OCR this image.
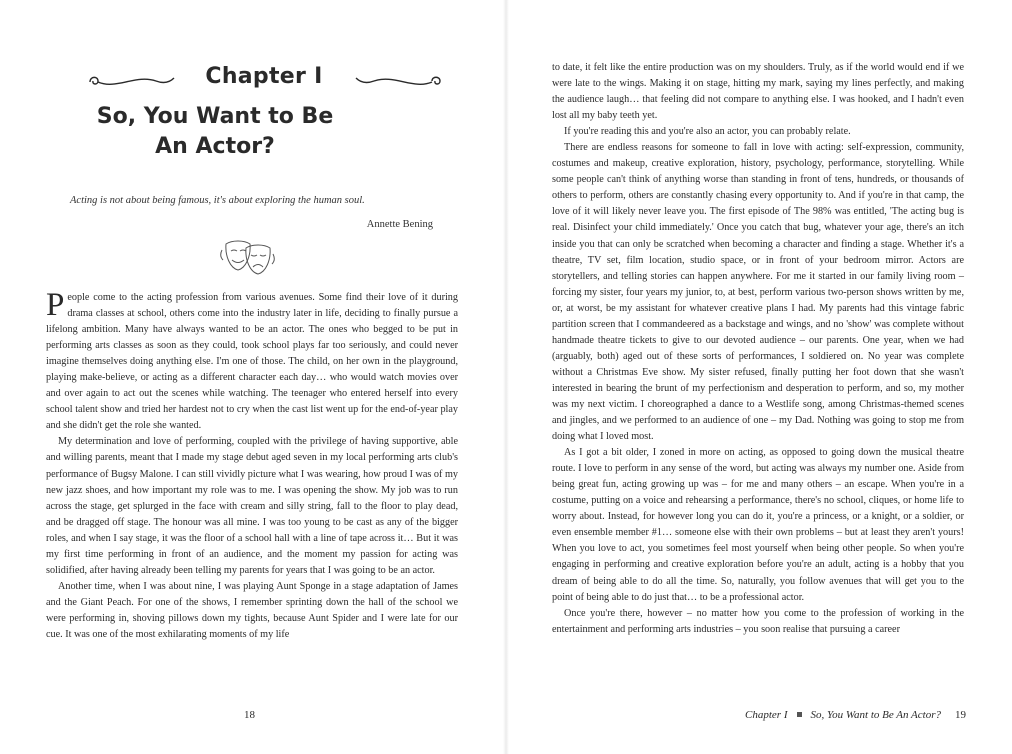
Chapter I
So, You Want to Be
An Actor?
Acting is not about being famous, it's about exploring the human soul.
Annette Bening

People come to the acting profession from various avenues. Some find their love of it during drama classes at school, others come into the industry later in life, deciding to finally pursue a lifelong ambition. Many have always wanted to be an actor. The ones who begged to be put in performing arts classes as soon as they could, took school plays far too seriously, and could never imagine themselves doing anything else. I'm one of those. The child, on her own in the playground, playing make-believe, or acting as a different character each day… who would watch movies over and over again to act out the scenes while watching. The teenager who entered herself into every school talent show and tried her hardest not to cry when the cast list went up for the end-of-year play and she didn't get the role she wanted.

My determination and love of performing, coupled with the privilege of having supportive, able and willing parents, meant that I made my stage debut aged seven in my local performing arts club's performance of Bugsy Malone. I can still vividly picture what I was wearing, how proud I was of my new jazz shoes, and how important my role was to me. I was opening the show. My job was to run across the stage, get splurged in the face with cream and silly string, fall to the floor to play dead, and be dragged off stage. The honour was all mine. I was too young to be cast as any of the bigger roles, and when I say stage, it was the floor of a school hall with a line of tape across it… But it was my first time performing in front of an audience, and the moment my passion for acting was solidified, after having already been telling my parents for years that I was going to be an actor.

Another time, when I was about nine, I was playing Aunt Sponge in a stage adaptation of James and the Giant Peach. For one of the shows, I remember sprinting down the hall of the school we were performing in, shoving pillows down my tights, because Aunt Spider and I were late for our cue. It was one of the most exhilarating moments of my life

18

to date, it felt like the entire production was on my shoulders. Truly, as if the world would end if we were late to the wings. Making it on stage, hitting my mark, saying my lines perfectly, and making the audience laugh… that feeling did not compare to anything else. I was hooked, and I hadn't even lost all my baby teeth yet.

If you're reading this and you're also an actor, you can probably relate.

There are endless reasons for someone to fall in love with acting: self-expression, community, costumes and makeup, creative exploration, history, psychology, performance, storytelling. While some people can't think of anything worse than standing in front of tens, hundreds, or thousands of others to perform, others are constantly chasing every opportunity to. And if you're in that camp, the love of it will likely never leave you. The first episode of The 98% was entitled, 'The acting bug is real. Disinfect your child immediately.' Once you catch that bug, whatever your age, there's an itch inside you that can only be scratched when becoming a character and finding a stage. Whether it's a theatre, TV set, film location, studio space, or in front of your bedroom mirror. Actors are storytellers, and telling stories can happen anywhere. For me it started in our family living room – forcing my sister, four years my junior, to, at best, perform various two-person shows written by me, or, at worst, be my assistant for whatever creative plans I had. My parents had this vintage fabric partition screen that I commandeered as a backstage and wings, and no 'show' was complete without handmade theatre tickets to give to our devoted audience – our parents. One year, when we had (arguably, both) aged out of these sorts of performances, I soldiered on. No year was complete without a Christmas Eve show. My sister refused, finally putting her foot down that she wasn't interested in bearing the brunt of my perfectionism and desperation to perform, and so, my mother was my next victim. I choreographed a dance to a Westlife song, among Christmas-themed scenes and jingles, and we performed to an audience of one – my Dad. Nothing was going to stop me from doing what I loved most.

As I got a bit older, I zoned in more on acting, as opposed to going down the musical theatre route. I love to perform in any sense of the word, but acting was always my number one. Aside from being great fun, acting growing up was – for me and many others – an escape. When you're in a costume, putting on a voice and rehearsing a performance, there's no school, cliques, or home life to worry about. Instead, for however long you can do it, you're a princess, or a knight, or a soldier, or even ensemble member #1… someone else with their own problems – but at least they aren't yours! When you love to act, you sometimes feel most yourself when being other people. So when you're engaging in performing and creative exploration before you're an adult, acting is a hobby that you dream of being able to do all the time. So, naturally, you follow avenues that will get you to the point of being able to do just that… to be a professional actor.

Once you're there, however – no matter how you come to the profession of working in the entertainment and performing arts industries – you soon realise that pursuing a career

Chapter I So, You Want to Be An Actor? 19
